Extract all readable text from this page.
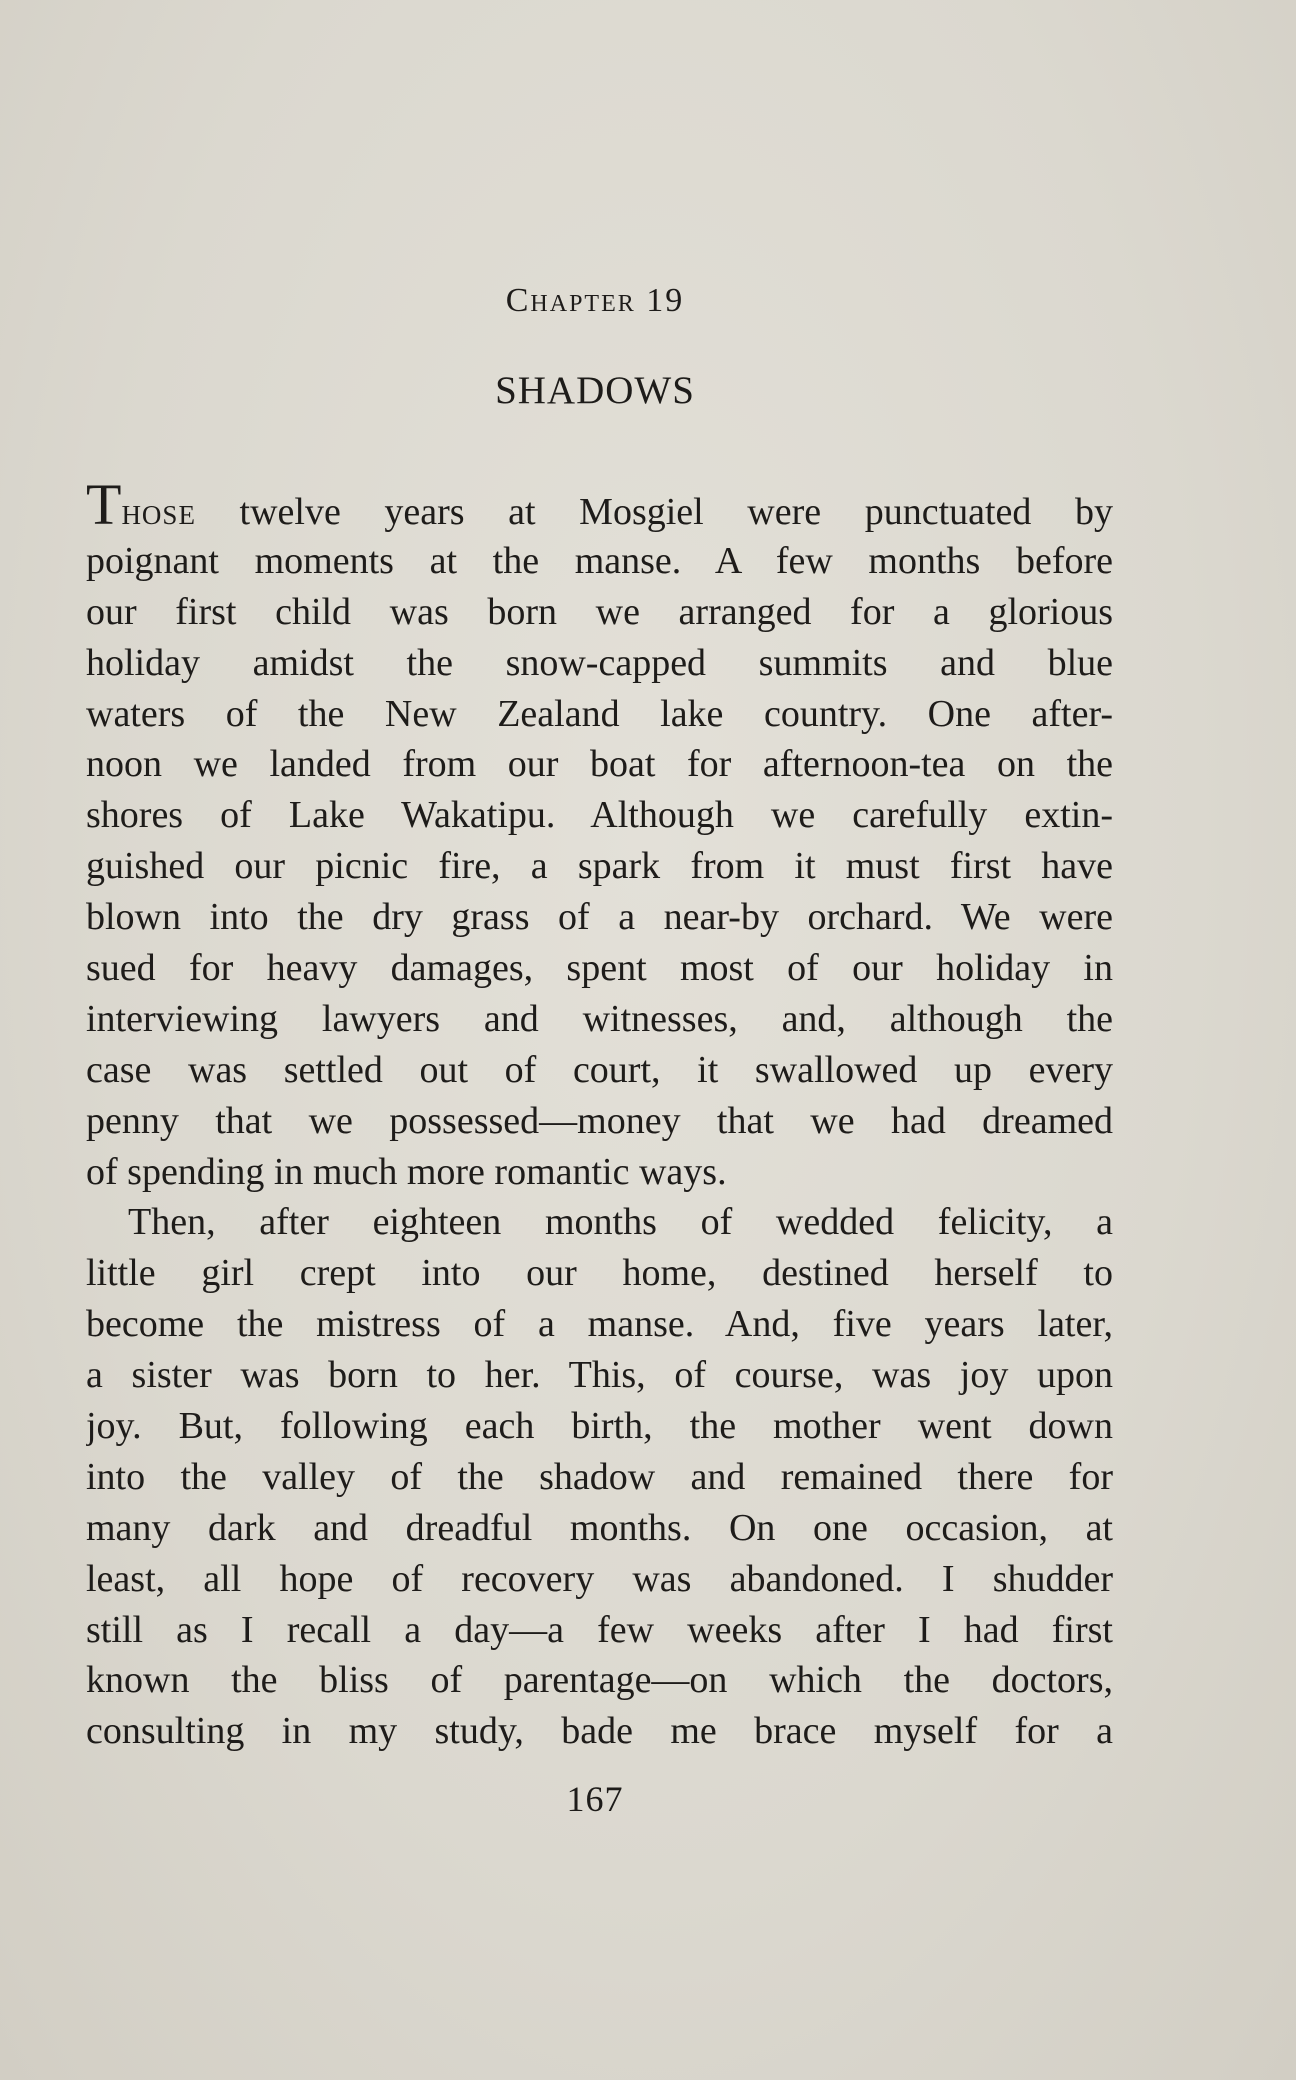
Chapter 19
SHADOWS
Those twelve years at Mosgiel were punctuated by
poignant moments at the manse. A few months before
our first child was born we arranged for a glorious
holiday amidst the snow-capped summits and blue
waters of the New Zealand lake country. One after-
noon we landed from our boat for afternoon-tea on the
shores of Lake Wakatipu. Although we carefully extin-
guished our picnic fire, a spark from it must first have
blown into the dry grass of a near-by orchard. We were
sued for heavy damages, spent most of our holiday in
interviewing lawyers and witnesses, and, although the
case was settled out of court, it swallowed up every
penny that we possessed—money that we had dreamed
of spending in much more romantic ways.
Then, after eighteen months of wedded felicity, a
little girl crept into our home, destined herself to
become the mistress of a manse. And, five years later,
a sister was born to her. This, of course, was joy upon
joy. But, following each birth, the mother went down
into the valley of the shadow and remained there for
many dark and dreadful months. On one occasion, at
least, all hope of recovery was abandoned. I shudder
still as I recall a day—a few weeks after I had first
known the bliss of parentage—on which the doctors,
consulting in my study, bade me brace myself for a
167
